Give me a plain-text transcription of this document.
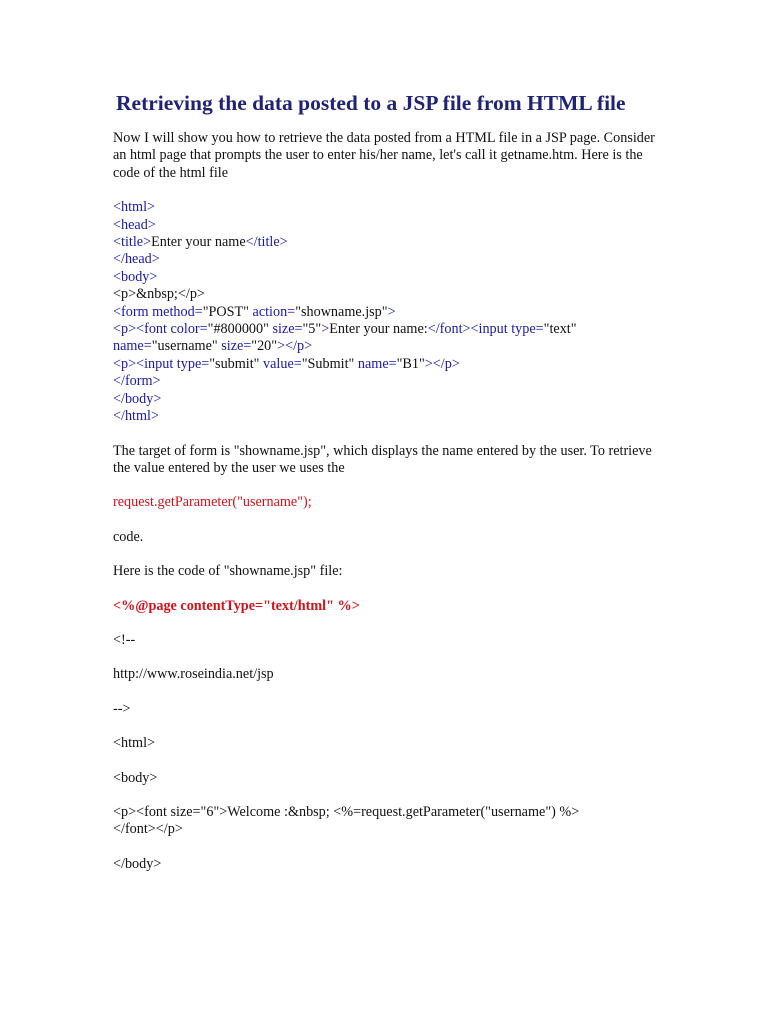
Retrieving the data posted to a JSP file from HTML file

Now I will show you how to retrieve the data posted from a HTML file in a JSP page. Consider an html page that prompts the user to enter his/her name, let's call it getname.htm. Here is the code of the html file

<html>
<head>
<title>Enter your name</title>
</head>
<body>
<p>&nbsp;</p>
<form method="POST" action="showname.jsp">
<p><font color="#800000" size="5">Enter your name:</font><input type="text"
name="username" size="20"></p>
<p><input type="submit" value="Submit" name="B1"></p>
</form>
</body>
</html>

The target of form is "showname.jsp", which displays the name entered by the user. To retrieve the value entered by the user we uses the

request.getParameter("username");

code.

Here is the code of "showname.jsp" file:

<%@page contentType="text/html" %>

<!--

http://www.roseindia.net/jsp

-->

<html>

<body>

<p><font size="6">Welcome :&nbsp; <%=request.getParameter("username") %></font></p>

</body>
